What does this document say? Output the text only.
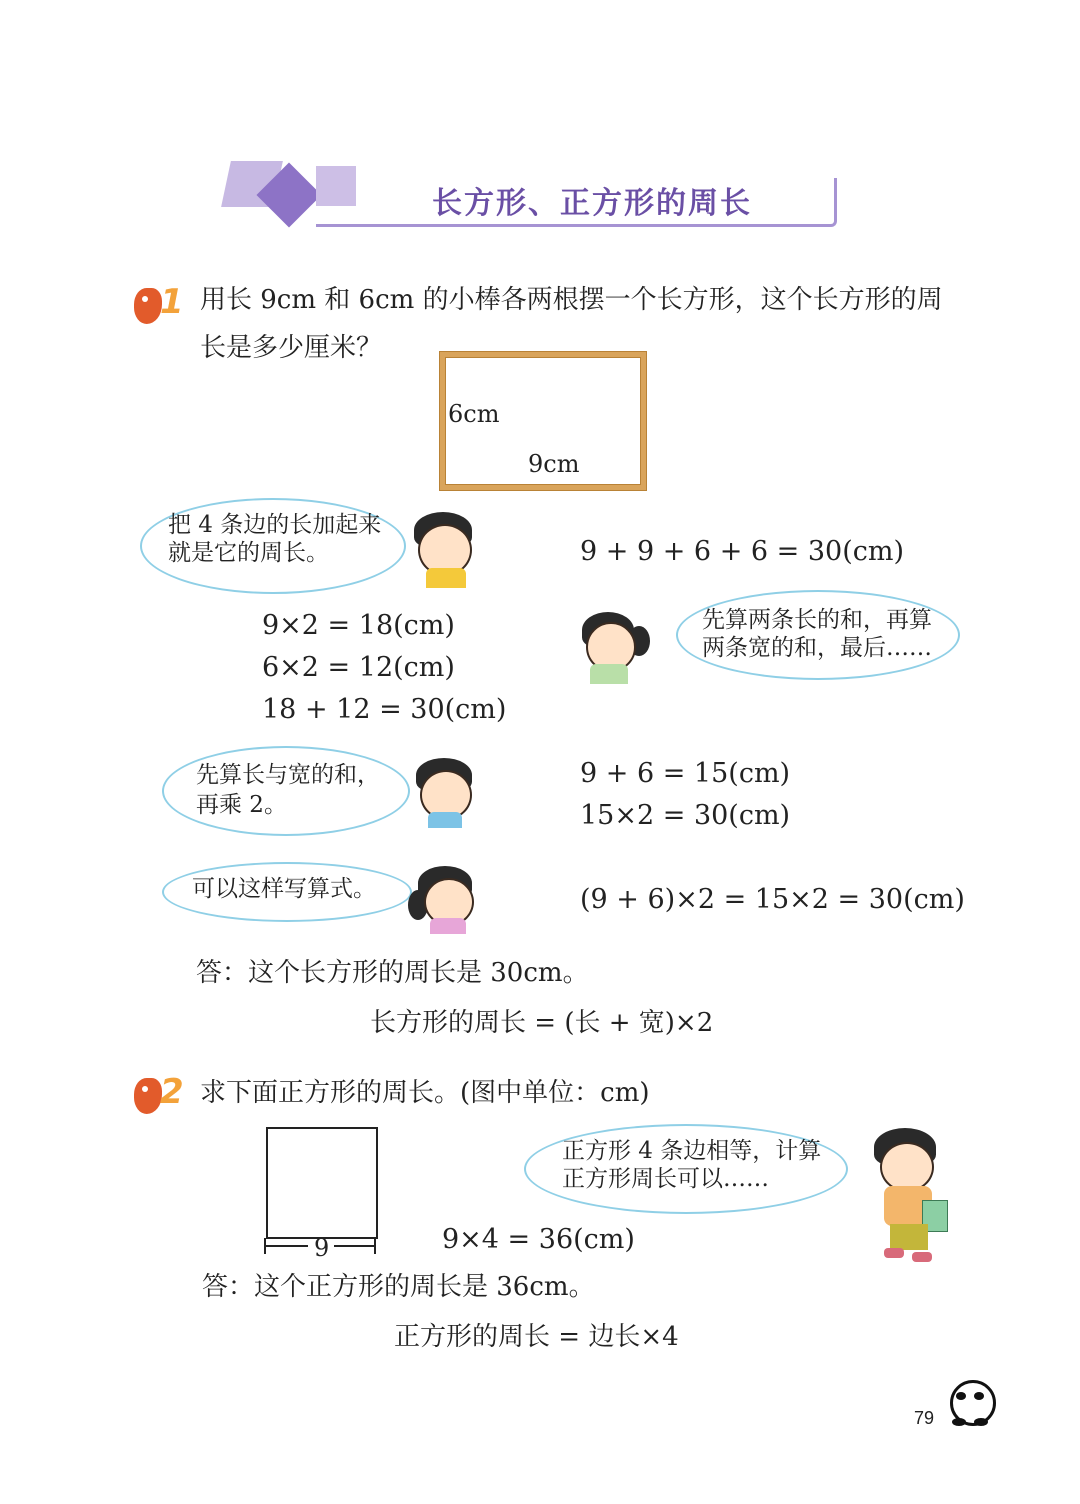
长方形、正方形的周长
1 用长 9cm 和 6cm 的小棒各两根摆一个长方形，这个长方形的周
长是多少厘米？
6cm
9cm
把 4 条边的长加起来
就是它的周长。	9 + 9 + 6 + 6 = 30(cm)
9×2 = 18(cm)
6×2 = 12(cm)
18 + 12 = 30(cm)
先算两条长的和，再算
两条宽的和，最后……
先算长与宽的和，
再乘 2。
9 + 6 = 15(cm)
15×2 = 30(cm)
可以这样写算式。	(9 + 6)×2 = 15×2 = 30(cm)
答：这个长方形的周长是 30cm。
长方形的周长 = (长 + 宽)×2
2 求下面正方形的周长。(图中单位：cm)
9	9×4 = 36(cm)
正方形 4 条边相等，计算
正方形周长可以……
答：这个正方形的周长是 36cm。
正方形的周长 = 边长×4
79
